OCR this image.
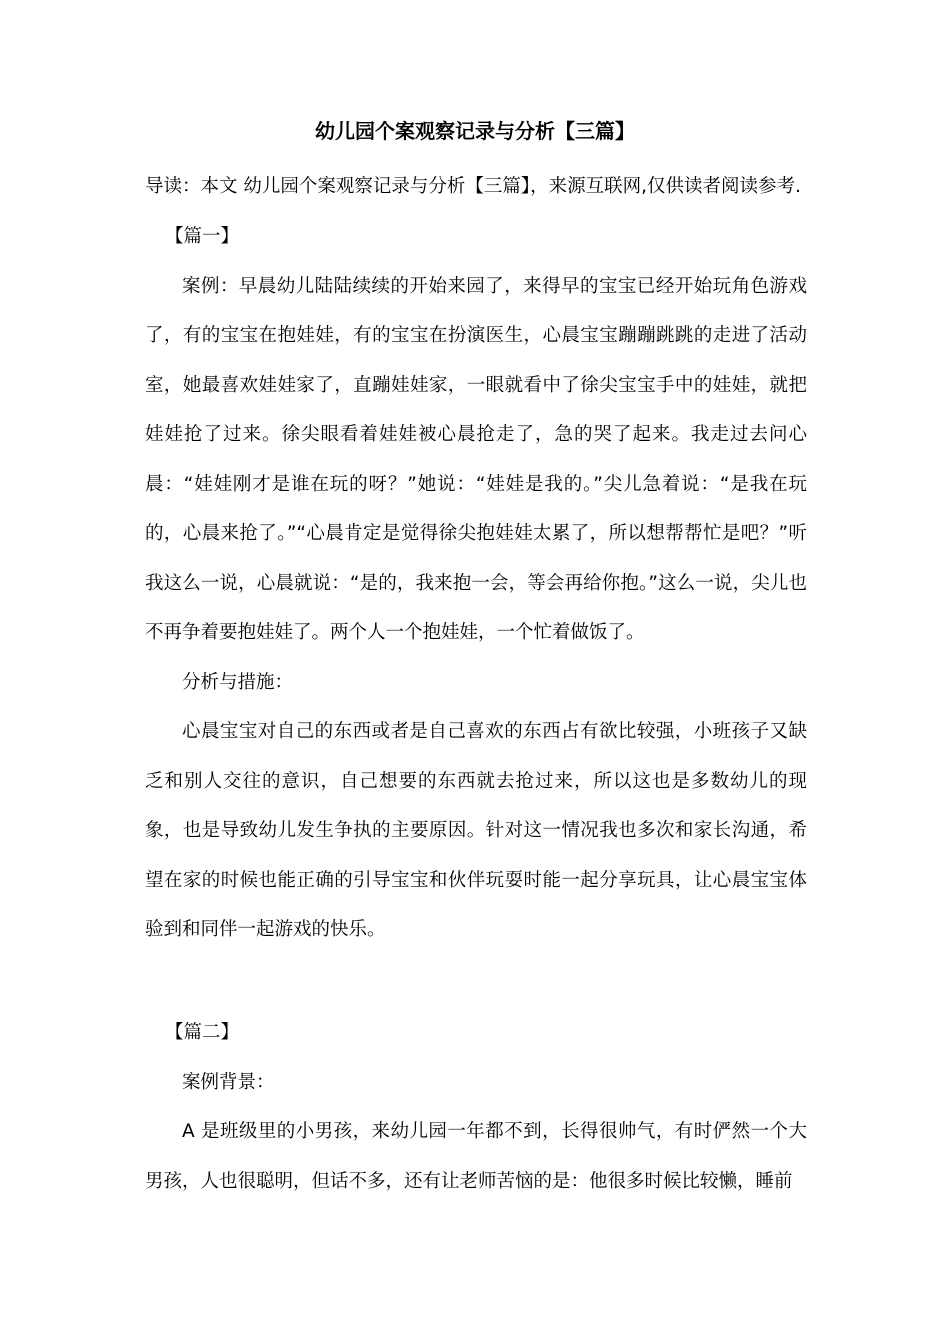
幼儿园个案观察记录与分析【三篇】
导读：本文 幼儿园个案观察记录与分析【三篇】，来源互联网,仅供读者阅读参考.

【篇一】

案例：早晨幼儿陆陆续续的开始来园了，来得早的宝宝已经开始玩角色游戏了，有的宝宝在抱娃娃，有的宝宝在扮演医生，心晨宝宝蹦蹦跳跳的走进了活动室，她最喜欢娃娃家了，直蹦娃娃家，一眼就看中了徐尖宝宝手中的娃娃，就把娃娃抢了过来。徐尖眼看着娃娃被心晨抢走了，急的哭了起来。我走过去问心晨：“娃娃刚才是谁在玩的呀？”她说：“娃娃是我的。”尖儿急着说：“是我在玩的，心晨来抢了。”“心晨肯定是觉得徐尖抱娃娃太累了，所以想帮帮忙是吧？”听我这么一说，心晨就说：“是的，我来抱一会，等会再给你抱。”这么一说，尖儿也不再争着要抱娃娃了。两个人一个抱娃娃，一个忙着做饭了。

分析与措施：

心晨宝宝对自己的东西或者是自己喜欢的东西占有欲比较强，小班孩子又缺乏和别人交往的意识，自己想要的东西就去抢过来，所以这也是多数幼儿的现象，也是导致幼儿发生争执的主要原因。针对这一情况我也多次和家长沟通，希望在家的时候也能正确的引导宝宝和伙伴玩耍时能一起分享玩具，让心晨宝宝体验到和同伴一起游戏的快乐。

【篇二】

案例背景：

A 是班级里的小男孩，来幼儿园一年都不到，长得很帅气，有时俨然一个大男孩，人也很聪明，但话不多，还有让老师苦恼的是：他很多时候比较懒，睡前
